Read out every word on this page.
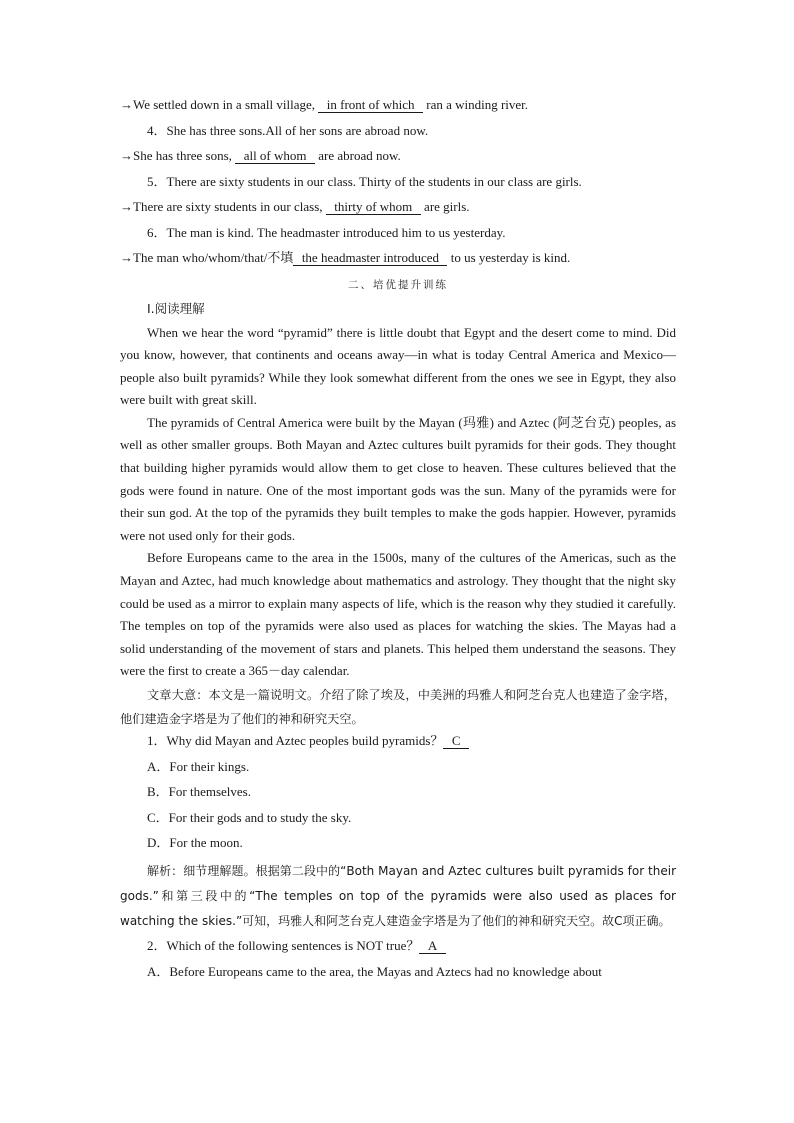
→We settled down in a small village,   in front of which   ran a winding river.
4．She has three sons.All of her sons are abroad now.
→She has three sons,   all of whom   are abroad now.
5．There are sixty students in our class. Thirty of the students in our class are girls.
→There are sixty students in our class,   thirty of whom   are girls.
6．The man is kind. The headmaster introduced him to us yesterday.
→The man who/whom/that/不填  the headmaster introduced   to us yesterday is kind.
二、培优提升训练
Ⅰ.阅读理解

When we hear the word “pyramid” there is little doubt that Egypt and the desert come to mind. Did you know, however, that continents and oceans away—in what is today Central America and Mexico—people also built pyramids? While they look somewhat different from the ones we see in Egypt, they also were built with great skill.

The pyramids of Central America were built by the Mayan (玛雅) and Aztec (阿芝台克) peoples, as well as other smaller groups. Both Mayan and Aztec cultures built pyramids for their gods. They thought that building higher pyramids would allow them to get close to heaven. These cultures believed that the gods were found in nature. One of the most important gods was the sun. Many of the pyramids were for their sun god. At the top of the pyramids they built temples to make the gods happier. However, pyramids were not used only for their gods.

Before Europeans came to the area in the 1500s, many of the cultures of the Americas, such as the Mayan and Aztec, had much knowledge about mathematics and astrology. They thought that the night sky could be used as a mirror to explain many aspects of life, which is the reason why they studied it carefully. The temples on top of the pyramids were also used as places for watching the skies. The Mayas had a solid understanding of the movement of stars and planets. This helped them understand the seasons. They were the first to create a 365－day calendar.

文章大意：本文是一篇说明文。介绍了除了埃及，中美洲的玛雅人和阿芝台克人也建造了金字塔，他们建造金字塔是为了他们的神和研究天空。

1．Why did Mayan and Aztec peoples build pyramids？  C
A．For their kings.
B．For themselves.
C．For their gods and to study the sky.
D．For the moon.

解析：细节理解题。根据第二段中的“Both Mayan and Aztec cultures built pyramids for their gods.”和第三段中的“The temples on top of the pyramids were also used as places for watching the skies.”可知，玛雅人和阿芝台克人建造金字塔是为了他们的神和研究天空。故C项正确。

2．Which of the following sentences is NOT true？  A
A．Before Europeans came to the area, the Mayas and Aztecs had no knowledge about
